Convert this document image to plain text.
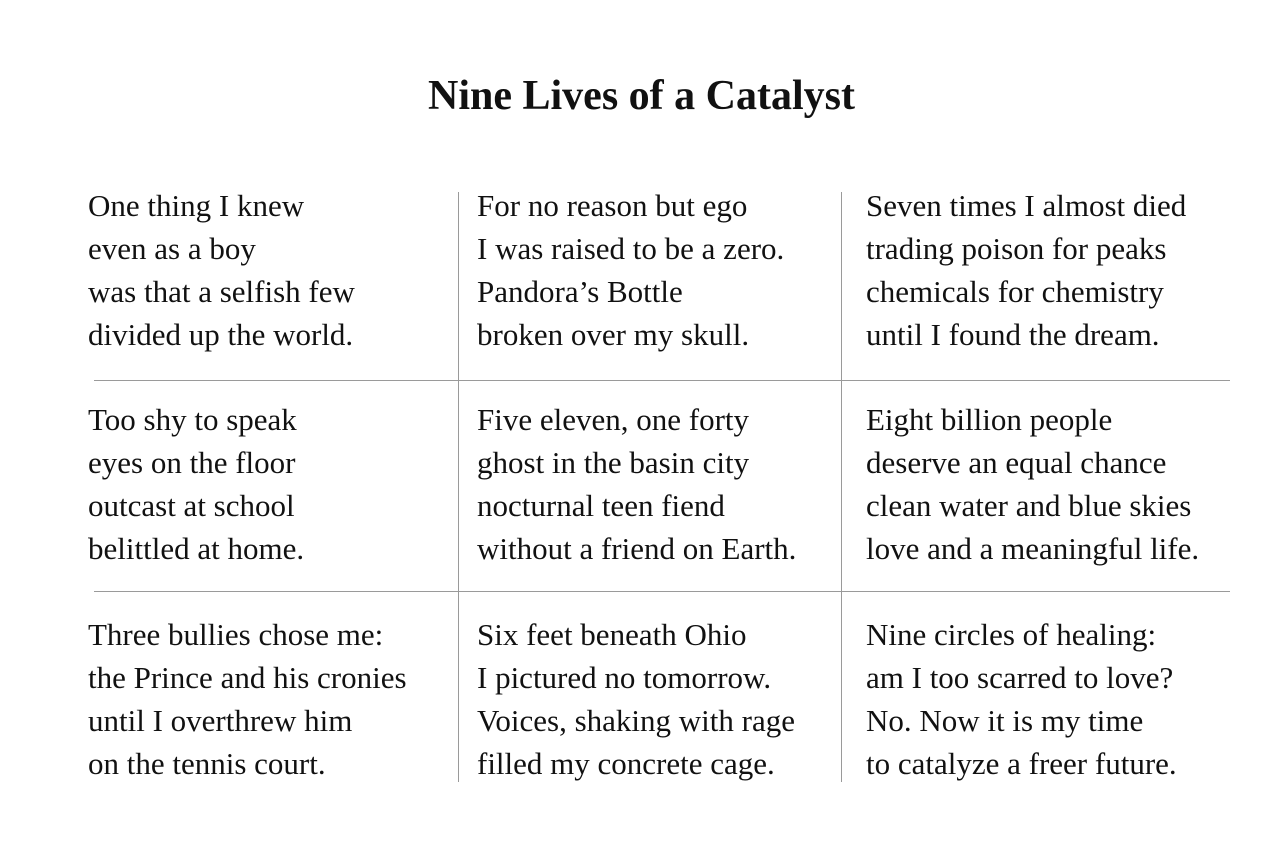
Nine Lives of a Catalyst
One thing I knew
even as a boy
was that a selfish few
divided up the world.
For no reason but ego
I was raised to be a zero.
Pandora’s Bottle
broken over my skull.
Seven times I almost died
trading poison for peaks
chemicals for chemistry
until I found the dream.
Too shy to speak
eyes on the floor
outcast at school
belittled at home.
Five eleven, one forty
ghost in the basin city
nocturnal teen fiend
without a friend on Earth.
Eight billion people
deserve an equal chance
clean water and blue skies
love and a meaningful life.
Three bullies chose me:
the Prince and his cronies
until I overthrew him
on the tennis court.
Six feet beneath Ohio
I pictured no tomorrow.
Voices, shaking with rage
filled my concrete cage.
Nine circles of healing:
am I too scarred to love?
No. Now it is my time
to catalyze a freer future.
